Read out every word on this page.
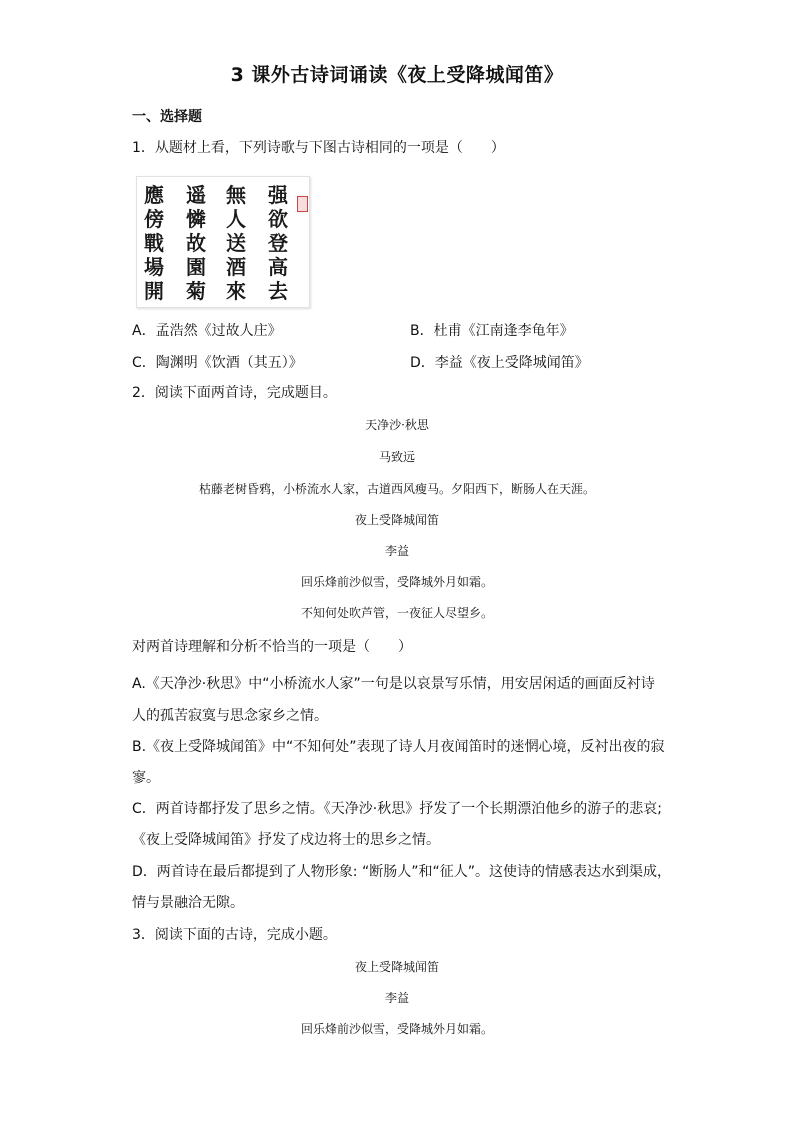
3 课外古诗词诵读《夜上受降城闻笛》
一、选择题
1．从题材上看，下列诗歌与下图古诗相同的一项是（　　）
强
欲
登
高
去
無
人
送
酒
來
遥
憐
故
園
菊
應
傍
戰
場
開
A．孟浩然《过故人庄》	B．杜甫《江南逢李龟年》
C．陶渊明《饮酒（其五）》	D．李益《夜上受降城闻笛》
2．阅读下面两首诗，完成题目。
天净沙·秋思
马致远
枯藤老树昏鸦，小桥流水人家，古道西风瘦马。夕阳西下，断肠人在天涯。
夜上受降城闻笛
李益
回乐烽前沙似雪，受降城外月如霜。
不知何处吹芦管，一夜征人尽望乡。
对两首诗理解和分析不恰当的一项是（　　）
A.《天净沙·秋思》中“小桥流水人家”一句是以哀景写乐情，用安居闲适的画面反衬诗
人的孤苦寂寞与思念家乡之情。
B.《夜上受降城闻笛》中“不知何处”表现了诗人月夜闻笛时的迷惘心境，反衬出夜的寂
寥。
C．两首诗都抒发了思乡之情。《天净沙·秋思》抒发了一个长期漂泊他乡的游子的悲哀;
《夜上受降城闻笛》抒发了戍边将士的思乡之情。
D．两首诗在最后都提到了人物形象: “断肠人”和“征人”。这使诗的情感表达水到渠成，
情与景融洽无隙。
3．阅读下面的古诗，完成小题。
夜上受降城闻笛
李益
回乐烽前沙似雪，受降城外月如霜。
